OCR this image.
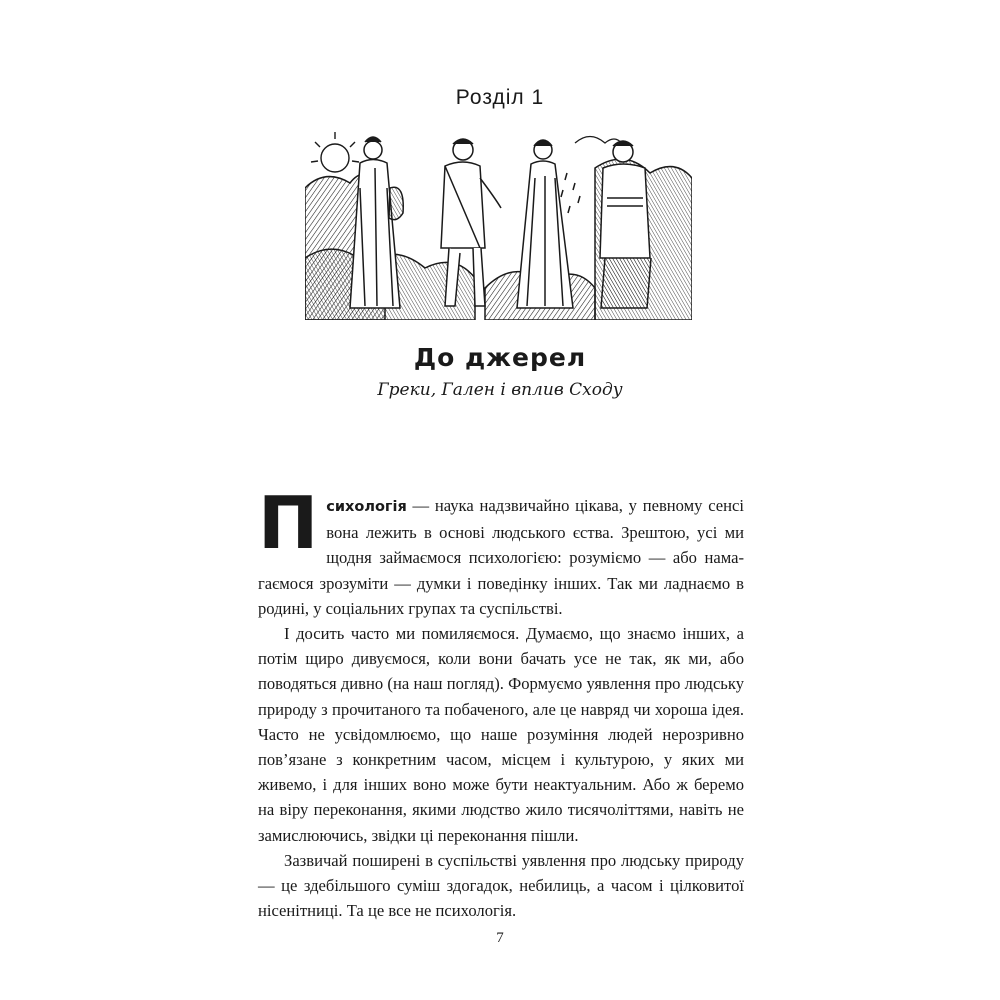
Розділ 1
До джерел
Греки, Гален і вплив Сходу

Психологія — наука надзвичайно цікава, у певному сенсі вона лежить в основі людського єства. Зрештою, усі ми щодня займаємося психологією: розуміємо — або намагаємося зрозуміти — думки і поведінку інших. Так ми ладнаємо в родині, у соціальних групах та суспільстві.

І досить часто ми помиляємося. Думаємо, що знаємо інших, а потім щиро дивуємося, коли вони бачать усе не так, як ми, або поводяться дивно (на наш погляд). Формуємо уявлення про людську природу з прочитаного та побаченого, але це навряд чи хороша ідея. Часто не усвідомлюємо, що наше розуміння людей нерозривно пов’язане з конкретним часом, місцем і культурою, у яких ми живемо, і для інших воно може бути неактуальним. Або ж беремо на віру переконання, якими людство жило тисячоліттями, навіть не замислюючись, звідки ці переконання пішли.

Зазвичай поширені в суспільстві уявлення про людську природу — це здебільшого суміш здогадок, небилиць, а часом і цілковитої нісенітниці. Та це все не психологія.

7
